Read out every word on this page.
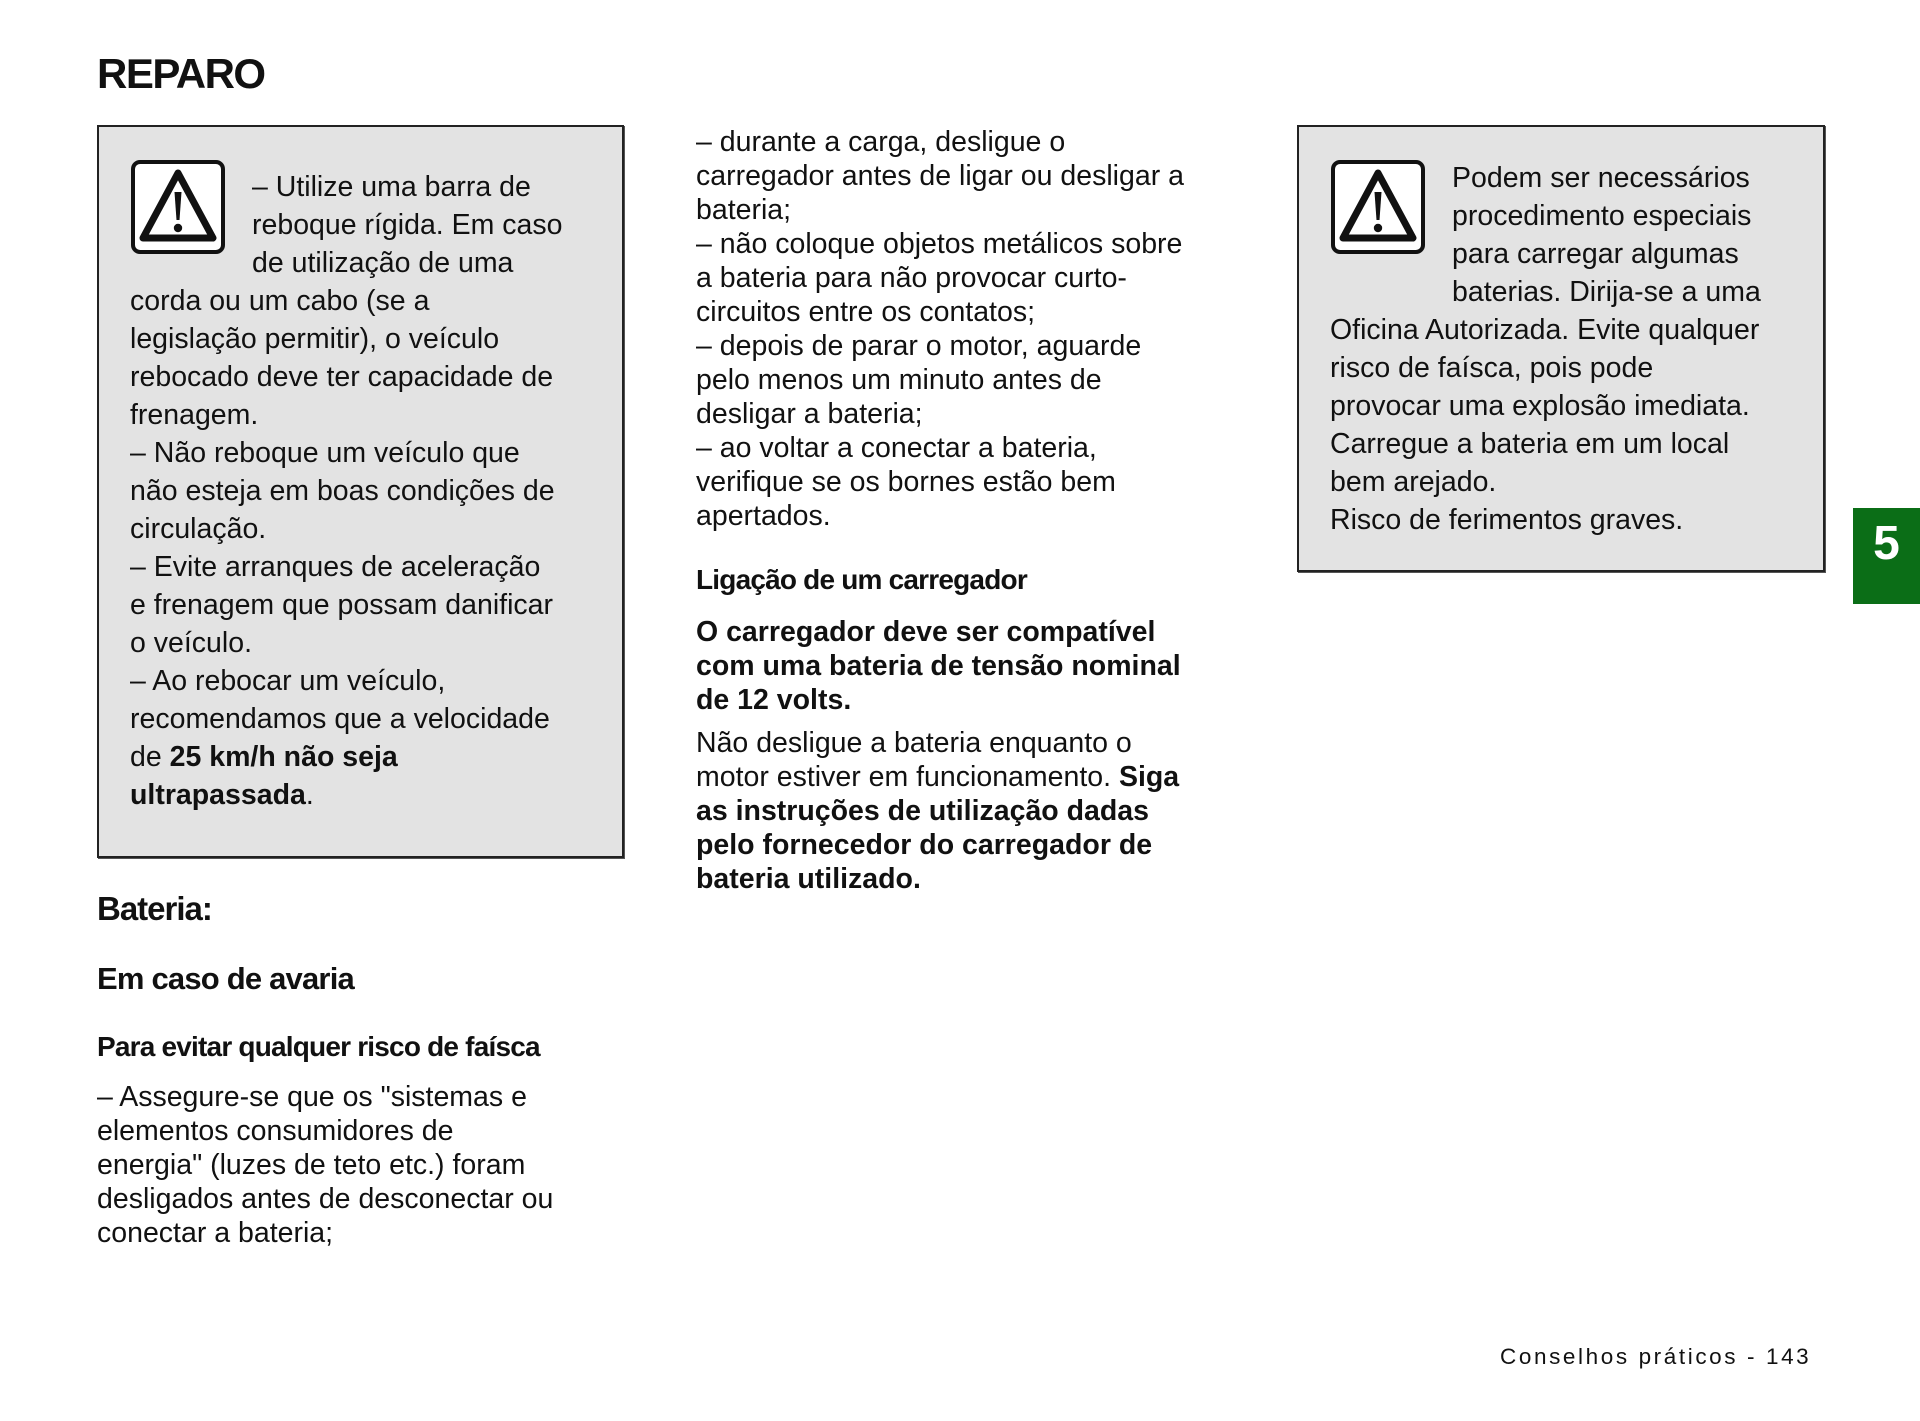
REPARO
– Utilize uma barra de
reboque rígida. Em caso
de utilização de uma
corda ou um cabo (se a
legislação permitir), o veículo
rebocado deve ter capacidade de
frenagem.
– Não reboque um veículo que
não esteja em boas condições de
circulação.
– Evite arranques de aceleração
e frenagem que possam danificar
o veículo.
– Ao rebocar um veículo,
recomendamos que a velocidade
de 25 km/h não seja
ultrapassada.
Bateria:
Em caso de avaria
Para evitar qualquer risco de faísca
– Assegure-se que os "sistemas e
elementos consumidores de
energia" (luzes de teto etc.) foram
desligados antes de desconectar ou
conectar a bateria;
– durante a carga, desligue o
carregador antes de ligar ou desligar a
bateria;
– não coloque objetos metálicos sobre
a bateria para não provocar curto-
circuitos entre os contatos;
– depois de parar o motor, aguarde
pelo menos um minuto antes de
desligar a bateria;
– ao voltar a conectar a bateria,
verifique se os bornes estão bem
apertados.
Ligação de um carregador
O carregador deve ser compatível
com uma bateria de tensão nominal
de 12 volts.
Não desligue a bateria enquanto o
motor estiver em funcionamento. Siga
as instruções de utilização dadas
pelo fornecedor do carregador de
bateria utilizado.
Podem ser necessários
procedimento especiais
para carregar algumas
baterias. Dirija-se a uma
Oficina Autorizada. Evite qualquer
risco de faísca, pois pode
provocar uma explosão imediata.
Carregue a bateria em um local
bem arejado.
Risco de ferimentos graves.	5
Conselhos práticos - 143
